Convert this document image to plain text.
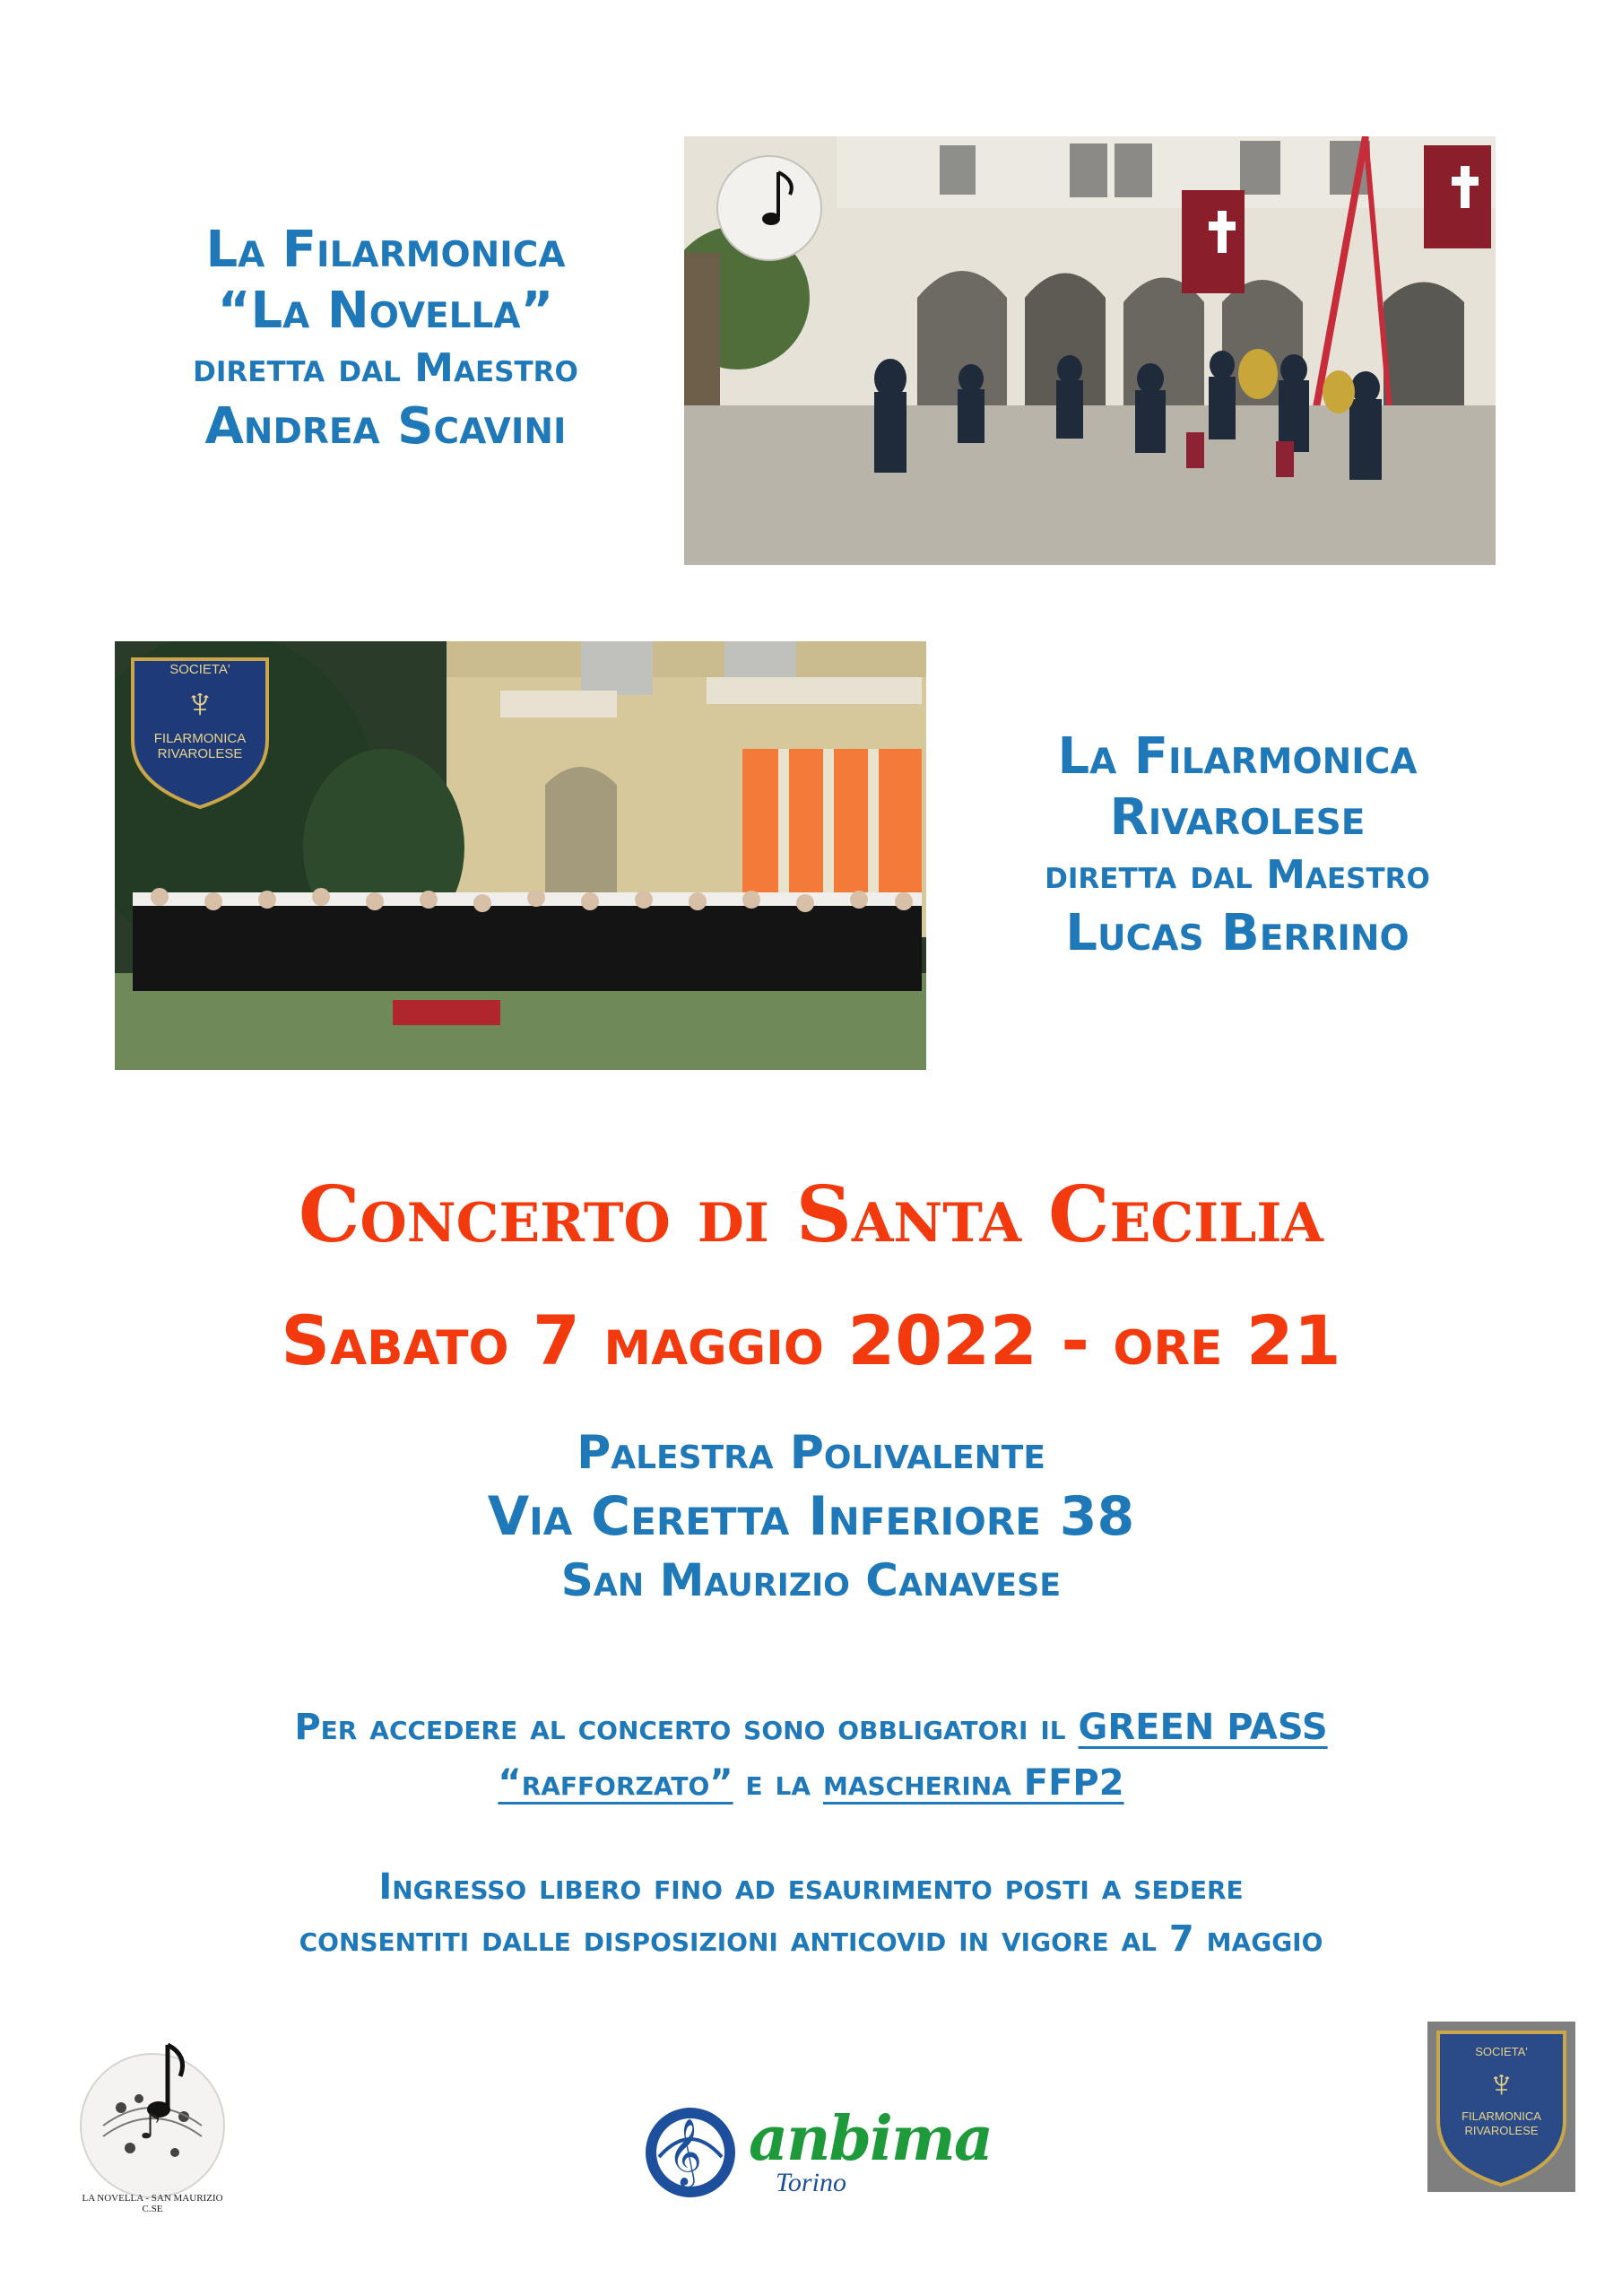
La Filarmonica
“La Novella”
diretta dal Maestro
Andrea Scavini
SOCIETA'
♆
FILARMONICA
RIVAROLESE	La Filarmonica
Rivarolese
diretta dal Maestro
Lucas Berrino
Concerto di Santa Cecilia
Sabato 7 maggio 2022 - ore 21
Palestra Polivalente
Via Ceretta Inferiore 38
San Maurizio Canavese
Per accedere al concerto sono obbligatori il GREEN PASS
“rafforzato” e la mascherina FFP2
Ingresso libero fino ad esaurimento posti a sedere
consentiti dalle disposizioni anticovid in vigore al 7 maggio
♪
LA NOVELLA - SAN MAURIZIO C.SE
𝄞 anbima
Torino
SOCIETA'
♆
FILARMONICA
RIVAROLESE
